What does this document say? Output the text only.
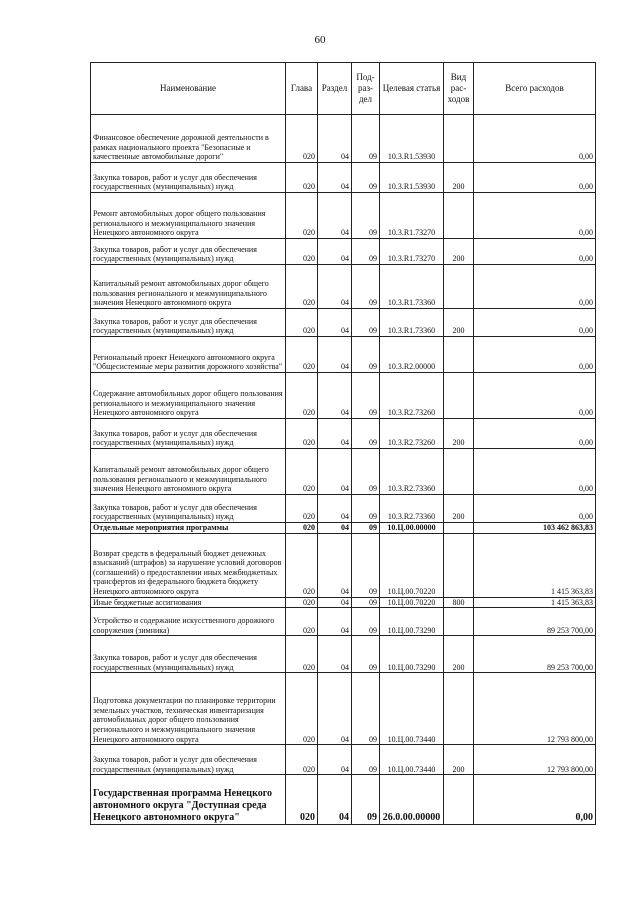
60
Наименование	Глава	Раздел	Под-раз-дел	Целевая статья	Вид рас-ходов	Всего расходов
Финансовое обеспечение дорожной деятельности в рамках национального проекта "Безопасные и качественные автомобильные дороги"	020	04	09	10.3.R1.53930		0,00
Закупка товаров, работ и услуг для обеспечения государственных (муниципальных) нужд	020	04	09	10.3.R1.53930	200	0,00
Ремонт автомобильных дорог общего пользования регионального и межмуниципального значения Ненецкого автономного округа	020	04	09	10.3.R1.73270		0,00
Закупка товаров, работ и услуг для обеспечения государственных (муниципальных) нужд	020	04	09	10.3.R1.73270	200	0,00
Капитальный ремонт автомобильных дорог общего пользования регионального и межмуниципального значения Ненецкого автономного округа	020	04	09	10.3.R1.73360		0,00
Закупка товаров, работ и услуг для обеспечения государственных (муниципальных) нужд	020	04	09	10.3.R1.73360	200	0,00
Региональный проект Ненецкого автономного округа "Общесистемные меры развития дорожного хозяйства"	020	04	09	10.3.R2.00000		0,00
Содержание автомобильных дорог общего пользования регионального и межмуниципального значения Ненецкого автономного округа	020	04	09	10.3.R2.73260		0,00
Закупка товаров, работ и услуг для обеспечения государственных (муниципальных) нужд	020	04	09	10.3.R2.73260	200	0,00
Капитальный ремонт автомобильных дорог общего пользования регионального и межмуниципального значения Ненецкого автономного округа	020	04	09	10.3.R2.73360		0,00
Закупка товаров, работ и услуг для обеспечения государственных (муниципальных) нужд	020	04	09	10.3.R2.73360	200	0,00
Отдельные мероприятия программы	020	04	09	10.Ц.00.00000		103 462 863,83
Возврат средств в федеральный бюджет денежных взысканий (штрафов) за нарушение условий договоров (соглашений) о предоставлении иных межбюджетных трансфертов из федерального бюджета бюджету Ненецкого автономного округа	020	04	09	10.Ц.00.70220		1 415 363,83
Иные бюджетные ассигнования	020	04	09	10.Ц.00.70220	800	1 415 363,83
Устройство и содержание искусственного дорожного сооружения (зимника)	020	04	09	10.Ц.00.73290		89 253 700,00
Закупка товаров, работ и услуг для обеспечения государственных (муниципальных) нужд	020	04	09	10.Ц.00.73290	200	89 253 700,00
Подготовка документации по планировке территории земельных участков, техническая инвентаризация автомобильных дорог общего пользования регионального и межмуниципального значения Ненецкого автономного округа	020	04	09	10.Ц.00.73440		12 793 800,00
Закупка товаров, работ и услуг для обеспечения государственных (муниципальных) нужд	020	04	09	10.Ц.00.73440	200	12 793 800,00
Государственная программа Ненецкого автономного округа "Доступная среда Ненецкого автономного округа"	020	04	09	26.0.00.00000		0,00
